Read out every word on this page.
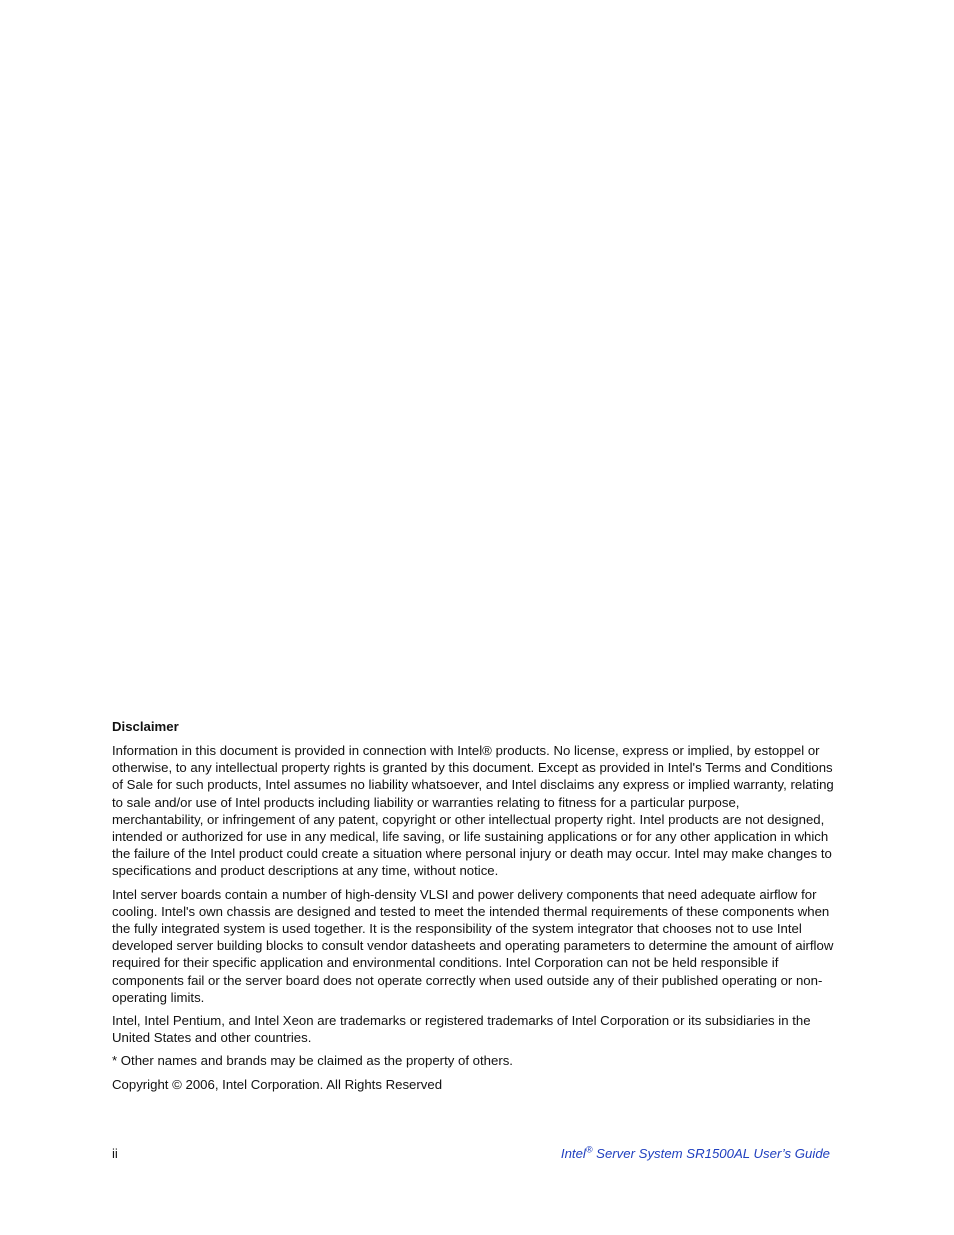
Disclaimer

Information in this document is provided in connection with Intel® products. No license, express or implied, by estoppel or otherwise, to any intellectual property rights is granted by this document. Except as provided in Intel's Terms and Conditions of Sale for such products, Intel assumes no liability whatsoever, and Intel disclaims any express or implied warranty, relating to sale and/or use of Intel products including liability or warranties relating to fitness for a particular purpose, merchantability, or infringement of any patent, copyright or other intellectual property right. Intel products are not designed, intended or authorized for use in any medical, life saving, or life sustaining applications or for any other application in which the failure of the Intel product could create a situation where personal injury or death may occur. Intel may make changes to specifications and product descriptions at any time, without notice.

Intel server boards contain a number of high-density VLSI and power delivery components that need adequate airflow for cooling. Intel's own chassis are designed and tested to meet the intended thermal requirements of these components when the fully integrated system is used together. It is the responsibility of the system integrator that chooses not to use Intel developed server building blocks to consult vendor datasheets and operating parameters to determine the amount of airflow required for their specific application and environmental conditions. Intel Corporation can not be held responsible if components fail or the server board does not operate correctly when used outside any of their published operating or non-operating limits.

Intel, Intel Pentium, and Intel Xeon are trademarks or registered trademarks of Intel Corporation or its subsidiaries in the United States and other countries.

* Other names and brands may be claimed as the property of others.

Copyright © 2006, Intel Corporation. All Rights Reserved

ii	Intel® Server System SR1500AL User’s Guide
